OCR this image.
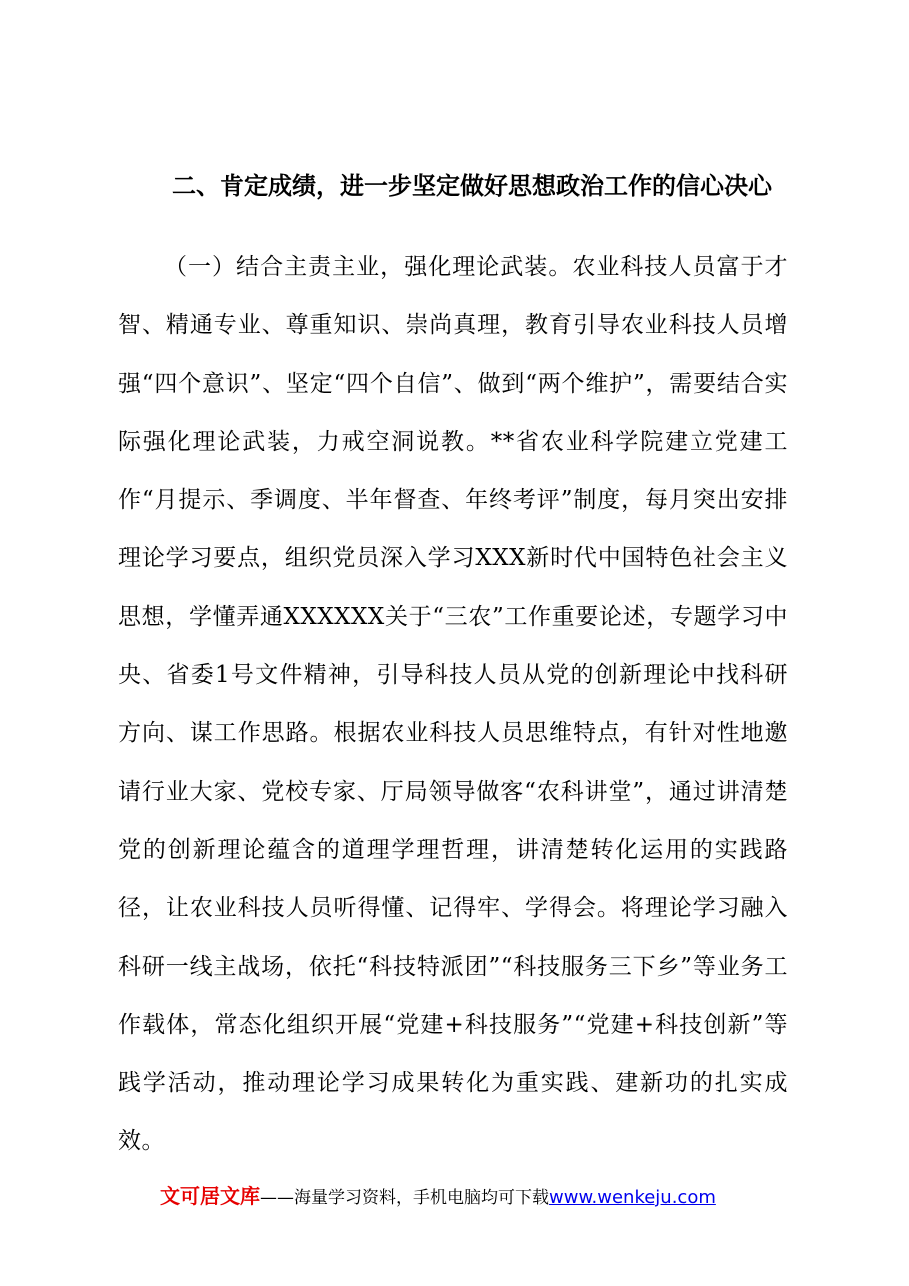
二、肯定成绩，进一步坚定做好思想政治工作的信心决心
（一）结合主责主业，强化理论武装。农业科技人员富于才智、精通专业、尊重知识、崇尚真理，教育引导农业科技人员增强“四个意识”、坚定“四个自信”、做到“两个维护”，需要结合实际强化理论武装，力戒空洞说教。**省农业科学院建立党建工作“月提示、季调度、半年督查、年终考评”制度，每月突出安排理论学习要点，组织党员深入学习XXX新时代中国特色社会主义思想，学懂弄通XXXXXX关于“三农”工作重要论述，专题学习中央、省委1号文件精神，引导科技人员从党的创新理论中找科研方向、谋工作思路。根据农业科技人员思维特点，有针对性地邀请行业大家、党校专家、厅局领导做客“农科讲堂”，通过讲清楚党的创新理论蕴含的道理学理哲理，讲清楚转化运用的实践路径，让农业科技人员听得懂、记得牢、学得会。将理论学习融入科研一线主战场，依托“科技特派团”“科技服务三下乡”等业务工作载体，常态化组织开展“党建+科技服务”“党建+科技创新”等践学活动，推动理论学习成果转化为重实践、建新功的扎实成效。
文可居文库——海量学习资料，手机电脑均可下载www.wenkeju.com
